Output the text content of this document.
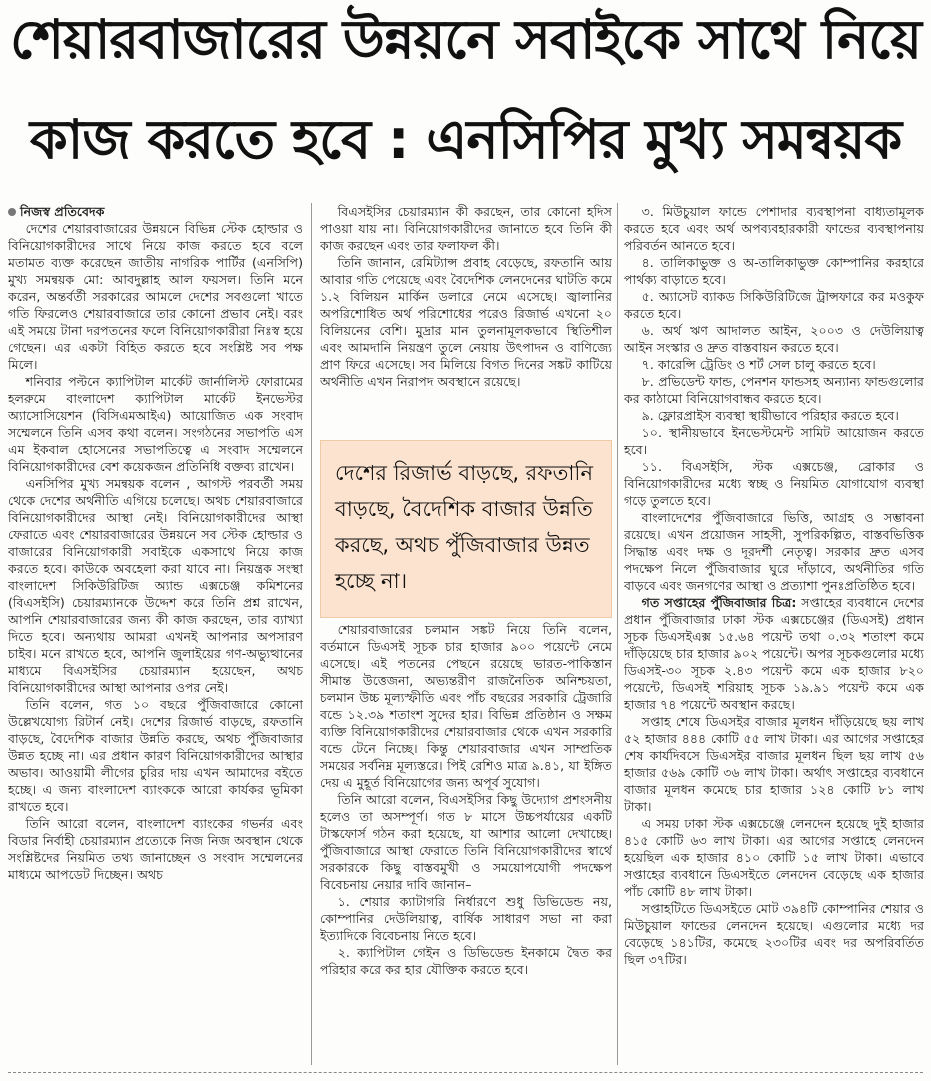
শেয়ারবাজারের উন্নয়নে সবাইকে সাথে নিয়ে
কাজ করতে হবে : এনসিপির মুখ্য সমন্বয়ক

নিজস্ব প্রতিবেদক

দেশের শেয়ারবাজারের উন্নয়নে বিভিন্ন স্টেক হোল্ডার ও বিনিয়োগকারীদের সাথে নিয়ে কাজ করতে হবে বলে মতামত ব্যক্ত করেছেন জাতীয় নাগরিক পার্টির (এনসিপি) মুখ্য সমন্বয়ক মো: আবদুল্লাহ আল ফয়সল। তিনি মনে করেন, অন্তর্বর্তী সরকারের আমলে দেশের সবগুলো খাতে গতি ফিরলেও শেয়ারবাজারে তার কোনো প্রভাব নেই। বরং এই সময়ে টানা দরপতনের ফলে বিনিয়োগকারীরা নিঃস্ব হয়ে গেছেন। এর একটা বিহিত করতে হবে সংশ্লিষ্ট সব পক্ষ মিলে।

শনিবার পল্টনে ক্যাপিটাল মার্কেট জার্নালিস্ট ফোরামের হলরুমে বাংলাদেশ ক্যাপিটাল মার্কেট ইনভেস্টর অ্যাসোসিয়েশন (বিসিএমআইএ) আয়োজিত এক সংবাদ সম্মেলনে তিনি এসব কথা বলেন। সংগঠনের সভাপতি এস এম ইকবাল হোসেনের সভাপতিত্বে এ সংবাদ সম্মেলনে বিনিয়োগকারীদের বেশ কয়েকজন প্রতিনিধি বক্তব্য রাখেন।

এনসিপির মুখ্য সমন্বয়ক বলেন , আগস্ট পরবর্তী সময় থেকে দেশের অর্থনীতি এগিয়ে চলেছে। অথচ শেয়ারবাজারে বিনিয়োগকারীদের আস্থা নেই। বিনিয়োগকারীদের আস্থা ফেরাতে এবং শেয়ারবাজারের উন্নয়নে সব স্টেক হোল্ডার ও বাজারের বিনিয়োগকারী সবাইকে একসাথে নিয়ে কাজ করতে হবে। কাউকে অবহেলা করা যাবে না। নিয়ন্ত্রক সংস্থা বাংলাদেশ সিকিউরিটিজ অ্যান্ড এক্সচেঞ্জ কমিশনের (বিএসইসি) চেয়ারম্যানকে উদ্দেশ করে তিনি প্রশ্ন রাখেন, আপনি শেয়ারবাজারের জন্য কী কাজ করছেন, তার ব্যাখ্যা দিতে হবে। অন্যথায় আমরা এখনই আপনার অপসারণ চাইব। মনে রাখতে হবে, আপনি জুলাইয়ের গণ-অভ্যুত্থানের মাধ্যমে বিএসইসির চেয়ারম্যান হয়েছেন, অথচ বিনিয়োগকারীদের আস্থা আপনার ওপর নেই।

তিনি বলেন, গত ১০ বছরে পুঁজিবাজারে কোনো উল্লেখযোগ্য রিটার্ন নেই। দেশের রিজার্ভ বাড়ছে, রফতানি বাড়ছে, বৈদেশিক বাজার উন্নতি করছে, অথচ পুঁজিবাজার উন্নত হচ্ছে না। এর প্রধান কারণ বিনিয়োগকারীদের আস্থার অভাব। আওয়ামী লীগের চুরির দায় এখন আমাদের বইতে হচ্ছে। এ জন্য বাংলাদেশ ব্যাংককে আরো কার্যকর ভূমিকা রাখতে হবে।

তিনি আরো বলেন, বাংলাদেশ ব্যাংকের গভর্নর এবং বিডার নির্বাহী চেয়ারম্যান প্রত্যেকে নিজ নিজ অবস্থান থেকে সংশ্লিষ্টদের নিয়মিত তথ্য জানাচ্ছেন ও সংবাদ সম্মেলনের মাধ্যমে আপডেট দিচ্ছেন। অথচ

বিএসইসির চেয়ারম্যান কী করছেন, তার কোনো হদিস পাওয়া যায় না। বিনিয়োগকারীদের জানাতে হবে তিনি কী কাজ করছেন এবং তার ফলাফল কী।

তিনি জানান, রেমিট্যান্স প্রবাহ বেড়েছে, রফতানি আয় আবার গতি পেয়েছে এবং বৈদেশিক লেনদেনের ঘাটতি কমে ১.২ বিলিয়ন মার্কিন ডলারে নেমে এসেছে। জ্বালানির অপরিশোধিত অর্থ পরিশোধের পরেও রিজার্ভ এখনো ২০ বিলিয়নের বেশি। মুদ্রার মান তুলনামূলকভাবে স্থিতিশীল এবং আমদানি নিয়ন্ত্রণ তুলে নেয়ায় উৎপাদন ও বাণিজ্যে প্রাণ ফিরে এসেছে। সব মিলিয়ে বিগত দিনের সঙ্কট কাটিয়ে অর্থনীতি এখন নিরাপদ অবস্থানে রয়েছে।

শেয়ারবাজারের চলমান সঙ্কট নিয়ে তিনি বলেন, বর্তমানে ডিএসই সূচক চার হাজার ৯০০ পয়েন্টে নেমে এসেছে। এই পতনের পেছনে রয়েছে ভারত-পাকিস্তান সীমান্ত উত্তেজনা, অভ্যন্তরীণ রাজনৈতিক অনিশ্চয়তা, চলমান উচ্চ মূল্যস্ফীতি এবং পাঁচ বছরের সরকারি ট্রেজারি বন্ডে ১২.৩৯ শতাংশ সুদের হার। বিভিন্ন প্রতিষ্ঠান ও সক্ষম ব্যক্তি বিনিয়োগকারীদের শেয়ারবাজার থেকে এখন সরকারি বন্ডে টেনে নিচ্ছে। কিন্তু শেয়ারবাজার এখন সাম্প্রতিক সময়ের সর্বনিম্ন মূল্যস্তরে। পিই রেশিও মাত্র ৯.৪১, যা ইঙ্গিত দেয় এ মুহূর্ত বিনিয়োগের জন্য অপূর্ব সুযোগ।

তিনি আরো বলেন, বিএসইসির কিছু উদ্যোগ প্রশংসনীয় হলেও তা অসম্পূর্ণ। গত ৮ মাসে উচ্চপর্যায়ের একটি টাস্কফোর্স গঠন করা হয়েছে, যা আশার আলো দেখাচ্ছে। পুঁজিবাজারে আস্থা ফেরাতে তিনি বিনিয়োগকারীদের স্বার্থে সরকারকে কিছু বাস্তবমুখী ও সময়োপযোগী পদক্ষেপ বিবেচনায় নেয়ার দাবি জানান–

১. শেয়ার ক্যাটাগরি নির্ধারণে শুধু ডিভিডেন্ড নয়, কোম্পানির দেউলিয়াত্ব, বার্ষিক সাধারণ সভা না করা ইত্যাদিকে বিবেচনায় নিতে হবে।

২. ক্যাপিটাল গেইন ও ডিভিডেন্ড ইনকামে দ্বৈত কর পরিহার করে কর হার যৌক্তিক করতে হবে।

দেশের রিজার্ভ বাড়ছে, রফতানি বাড়ছে, বৈদেশিক বাজার উন্নতি করছে, অথচ পুঁজিবাজার উন্নত হচ্ছে না।

৩. মিউচুয়াল ফান্ডে পেশাদার ব্যবস্থাপনা বাধ্যতামূলক করতে হবে এবং অর্থ অপব্যবহারকারী ফান্ডের ব্যবস্থাপনায় পরিবর্তন আনতে হবে।

৪. তালিকাভুক্ত ও অ-তালিকাভুক্ত কোম্পানির করহারে পার্থক্য বাড়াতে হবে।

৫. অ্যাসেট ব্যাকড সিকিউরিটিজে ট্রান্সফারে কর মওকুফ করতে হবে।

৬. অর্থ ঋণ আদালত আইন, ২০০৩ ও দেউলিয়াত্ব আইন সংস্কার ও দ্রুত বাস্তবায়ন করতে হবে।

৭. কারেন্সি ট্রেডিং ও শর্ট সেল চালু করতে হবে।

৮. প্রভিডেন্ট ফান্ড, পেনশন ফান্ডসহ অন্যান্য ফান্ডগুলোর কর কাঠামো বিনিয়োগবান্ধব করতে হবে।

৯. ফ্লোরপ্রাইস ব্যবস্থা স্থায়ীভাবে পরিহার করতে হবে।

১০. স্থানীয়ভাবে ইনভেস্টমেন্ট সামিট আয়োজন করতে হবে।

১১. বিএসইসি, স্টক এক্সচেঞ্জ, ব্রোকার ও বিনিয়োগকারীদের মধ্যে স্বচ্ছ ও নিয়মিত যোগাযোগ ব্যবস্থা গড়ে তুলতে হবে।

বাংলাদেশের পুঁজিবাজারে ভিত্তি, আগ্রহ ও সম্ভাবনা রয়েছে। এখন প্রয়োজন সাহসী, সুপরিকল্পিত, বাস্তবভিত্তিক সিদ্ধান্ত এবং দক্ষ ও দূরদর্শী নেতৃত্ব। সরকার দ্রুত এসব পদক্ষেপ নিলে পুঁজিবাজার ঘুরে দাঁড়াবে, অর্থনীতির গতি বাড়বে এবং জনগণের আস্থা ও প্রত্যাশা পুনঃপ্রতিষ্ঠিত হবে।

গত সপ্তাহের পুঁজিবাজার চিত্র: সপ্তাহের ব্যবধানে দেশের প্রধান পুঁজিবাজার ঢাকা স্টক এক্সচেঞ্জের (ডিএসই) প্রধান সূচক ডিএসইএক্স ১৫.৬৪ পয়েন্ট তথা ০.৩২ শতাংশ কমে দাঁড়িয়েছে চার হাজার ৯০২ পয়েন্টে। অপর সূচকগুলোর মধ্যে ডিএসই-৩০ সূচক ২.৪৩ পয়েন্ট কমে এক হাজার ৮২০ পয়েন্টে, ডিএসই শরিয়াহ সূচক ১৯.৯১ পয়েন্ট কমে এক হাজার ৭৪ পয়েন্টে অবস্থান করছে।

সপ্তাহ শেষে ডিএসইর বাজার মূলধন দাঁড়িয়েছে ছয় লাখ ৫২ হাজার ৪৪৪ কোটি ৫৫ লাখ টাকা। এর আগের সপ্তাহের শেষ কার্যদিবসে ডিএসইর বাজার মূলধন ছিল ছয় লাখ ৫৬ হাজার ৫৬৯ কোটি ৩৬ লাখ টাকা। অর্থাৎ সপ্তাহের ব্যবধানে বাজার মূলধন কমেছে চার হাজার ১২৪ কোটি ৮১ লাখ টাকা।

এ সময় ঢাকা স্টক এক্সচেঞ্জে লেনদেন হয়েছে দুই হাজার ৪১৫ কোটি ৬৩ লাখ টাকা। এর আগের সপ্তাহে লেনদেন হয়েছিল এক হাজার ৪১০ কোটি ১৫ লাখ টাকা। এভাবে সপ্তাহের ব্যবধানে ডিএসইতে লেনদেন বেড়েছে এক হাজার পাঁচ কোটি ৪৮ লাখ টাকা।

সপ্তাহটিতে ডিএসইতে মোট ৩৯৪টি কোম্পানির শেয়ার ও মিউচুয়াল ফান্ডের লেনদেন হয়েছে। এগুলোর মধ্যে দর বেড়েছে ১৪১টির, কমেছে ২৩০টির এবং দর অপরিবর্তিত ছিল ৩৭টির।
